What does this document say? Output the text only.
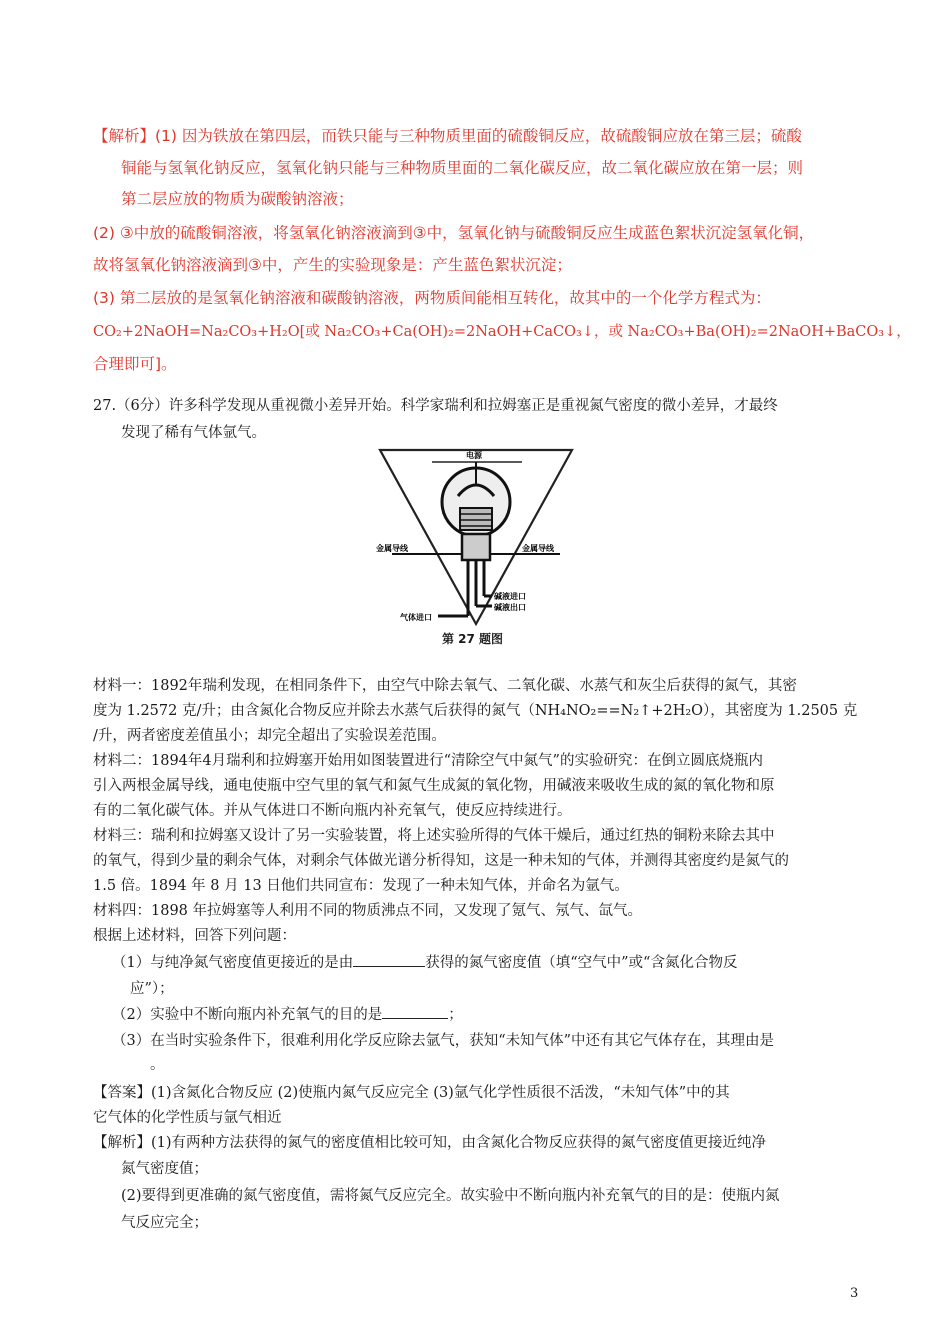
【解析】(1) 因为铁放在第四层，而铁只能与三种物质里面的硫酸铜反应，故硫酸铜应放在第三层；硫酸
铜能与氢氧化钠反应，氢氧化钠只能与三种物质里面的二氧化碳反应，故二氧化碳应放在第一层；则
第二层应放的物质为碳酸钠溶液；
(2) ③中放的硫酸铜溶液，将氢氧化钠溶液滴到③中，氢氧化钠与硫酸铜反应生成蓝色絮状沉淀氢氧化铜，
故将氢氧化钠溶液滴到③中，产生的实验现象是：产生蓝色絮状沉淀；
(3) 第二层放的是氢氧化钠溶液和碳酸钠溶液，两物质间能相互转化，故其中的一个化学方程式为：
CO₂+2NaOH=Na₂CO₃+H₂O[或 Na₂CO₃+Ca(OH)₂=2NaOH+CaCO₃↓，或 Na₂CO₃+Ba(OH)₂=2NaOH+BaCO₃↓，
合理即可]。
27.（6分）许多科学发现从重视微小差异开始。科学家瑞利和拉姆塞正是重视氮气密度的微小差异，才最终
发现了稀有气体氩气。
电源
金属导线	金属导线
碱液进口
碱液出口
气体进口
第 27 题图
材料一：1892年瑞利发现，在相同条件下，由空气中除去氧气、二氧化碳、水蒸气和灰尘后获得的氮气，其密
度为 1.2572 克/升；由含氮化合物反应并除去水蒸气后获得的氮气（NH₄NO₂==N₂↑+2H₂O），其密度为 1.2505 克
/升，两者密度差值虽小；却完全超出了实验误差范围。
材料二：1894年4月瑞利和拉姆塞开始用如图装置进行“清除空气中氮气”的实验研究：在倒立圆底烧瓶内
引入两根金属导线，通电使瓶中空气里的氧气和氮气生成氮的氧化物，用碱液来吸收生成的氮的氧化物和原
有的二氧化碳气体。并从气体进口不断向瓶内补充氧气，使反应持续进行。
材料三：瑞利和拉姆塞又设计了另一实验装置，将上述实验所得的气体干燥后，通过红热的铜粉来除去其中
的氧气，得到少量的剩余气体，对剩余气体做光谱分析得知，这是一种未知的气体，并测得其密度约是氮气的
1.5 倍。1894 年 8 月 13 日他们共同宣布：发现了一种未知气体，并命名为氩气。
材料四：1898 年拉姆塞等人利用不同的物质沸点不同，又发现了氪气、氖气、氙气。
根据上述材料，回答下列问题：
（1）与纯净氮气密度值更接近的是由	获得的氮气密度值（填“空气中”或“含氮化合物反
应”）；
（2）实验中不断向瓶内补充氧气的目的是	；
（3）在当时实验条件下，很难利用化学反应除去氩气，获知“未知气体”中还有其它气体存在，其理由是
。
【答案】(1)含氮化合物反应 (2)使瓶内氮气反应完全 (3)氩气化学性质很不活泼，“未知气体”中的其
它气体的化学性质与氩气相近
【解析】(1)有两种方法获得的氮气的密度值相比较可知，由含氮化合物反应获得的氮气密度值更接近纯净
氮气密度值；
(2)要得到更准确的氮气密度值，需将氮气反应完全。故实验中不断向瓶内补充氧气的目的是：使瓶内氮
气反应完全；
3
